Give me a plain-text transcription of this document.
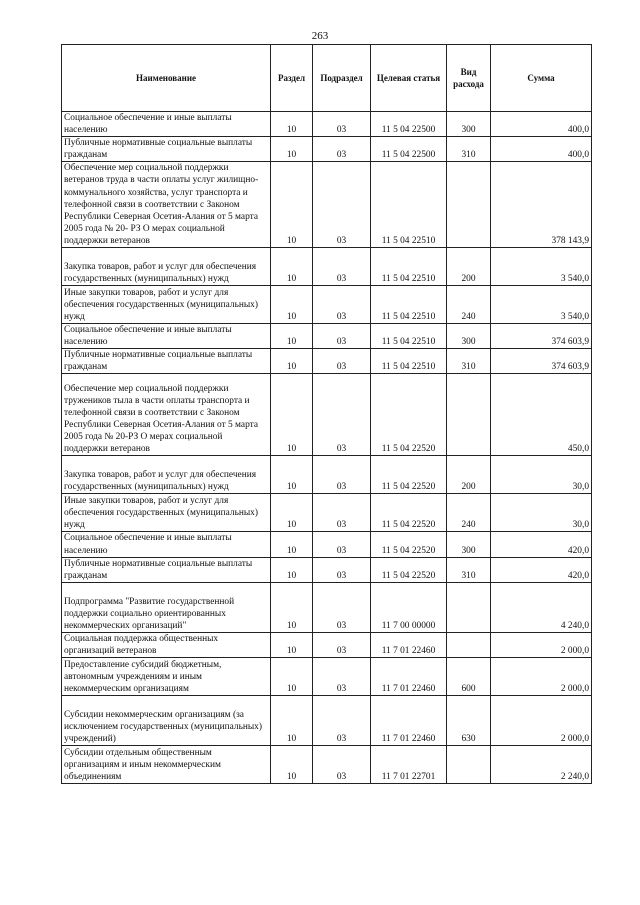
263
Наименование	Раздел	Подраздел	Целевая статья	Вид расхода	Сумма
Социальное обеспечение и иные выплаты населению	10	03	11 5 04 22500	300	400,0
Публичные нормативные социальные выплаты гражданам	10	03	11 5 04 22500	310	400,0
Обеспечение мер социальной поддержки ветеранов труда в части оплаты услуг жилищно-коммунального хозяйства, услуг транспорта и телефонной связи в соответствии с Законом Республики Северная Осетия-Алания от 5 марта 2005 года № 20- РЗ О мерах социальной поддержки ветеранов	10	03	11 5 04 22510		378 143,9
Закупка товаров, работ и услуг для обеспечения государственных (муниципальных) нужд	10	03	11 5 04 22510	200	3 540,0
Иные закупки товаров, работ и услуг для обеспечения государственных (муниципальных) нужд	10	03	11 5 04 22510	240	3 540,0
Социальное обеспечение и иные выплаты населению	10	03	11 5 04 22510	300	374 603,9
Публичные нормативные социальные выплаты гражданам	10	03	11 5 04 22510	310	374 603,9
Обеспечение мер социальной поддержки тружеников тыла в части оплаты транспорта и телефонной связи в соответствии с Законом Республики Северная Осетия-Алания от 5 марта 2005 года № 20-РЗ О мерах социальной поддержки ветеранов	10	03	11 5 04 22520		450,0
Закупка товаров, работ и услуг для обеспечения государственных (муниципальных) нужд	10	03	11 5 04 22520	200	30,0
Иные закупки товаров, работ и услуг для обеспечения государственных (муниципальных) нужд	10	03	11 5 04 22520	240	30,0
Социальное обеспечение и иные выплаты населению	10	03	11 5 04 22520	300	420,0
Публичные нормативные социальные выплаты гражданам	10	03	11 5 04 22520	310	420,0
Подпрограмма "Развитие государственной поддержки социально ориентированных некоммерческих организаций"	10	03	11 7 00 00000		4 240,0
Социальная поддержка общественных организаций ветеранов	10	03	11 7 01 22460		2 000,0
Предоставление субсидий бюджетным, автономным учреждениям и иным некоммерческим организациям	10	03	11 7 01 22460	600	2 000,0
Субсидии некоммерческим организациям (за исключением государственных (муниципальных) учреждений)	10	03	11 7 01 22460	630	2 000,0
Субсидии отдельным общественным организациям и иным некоммерческим объединениям	10	03	11 7 01 22701		2 240,0
